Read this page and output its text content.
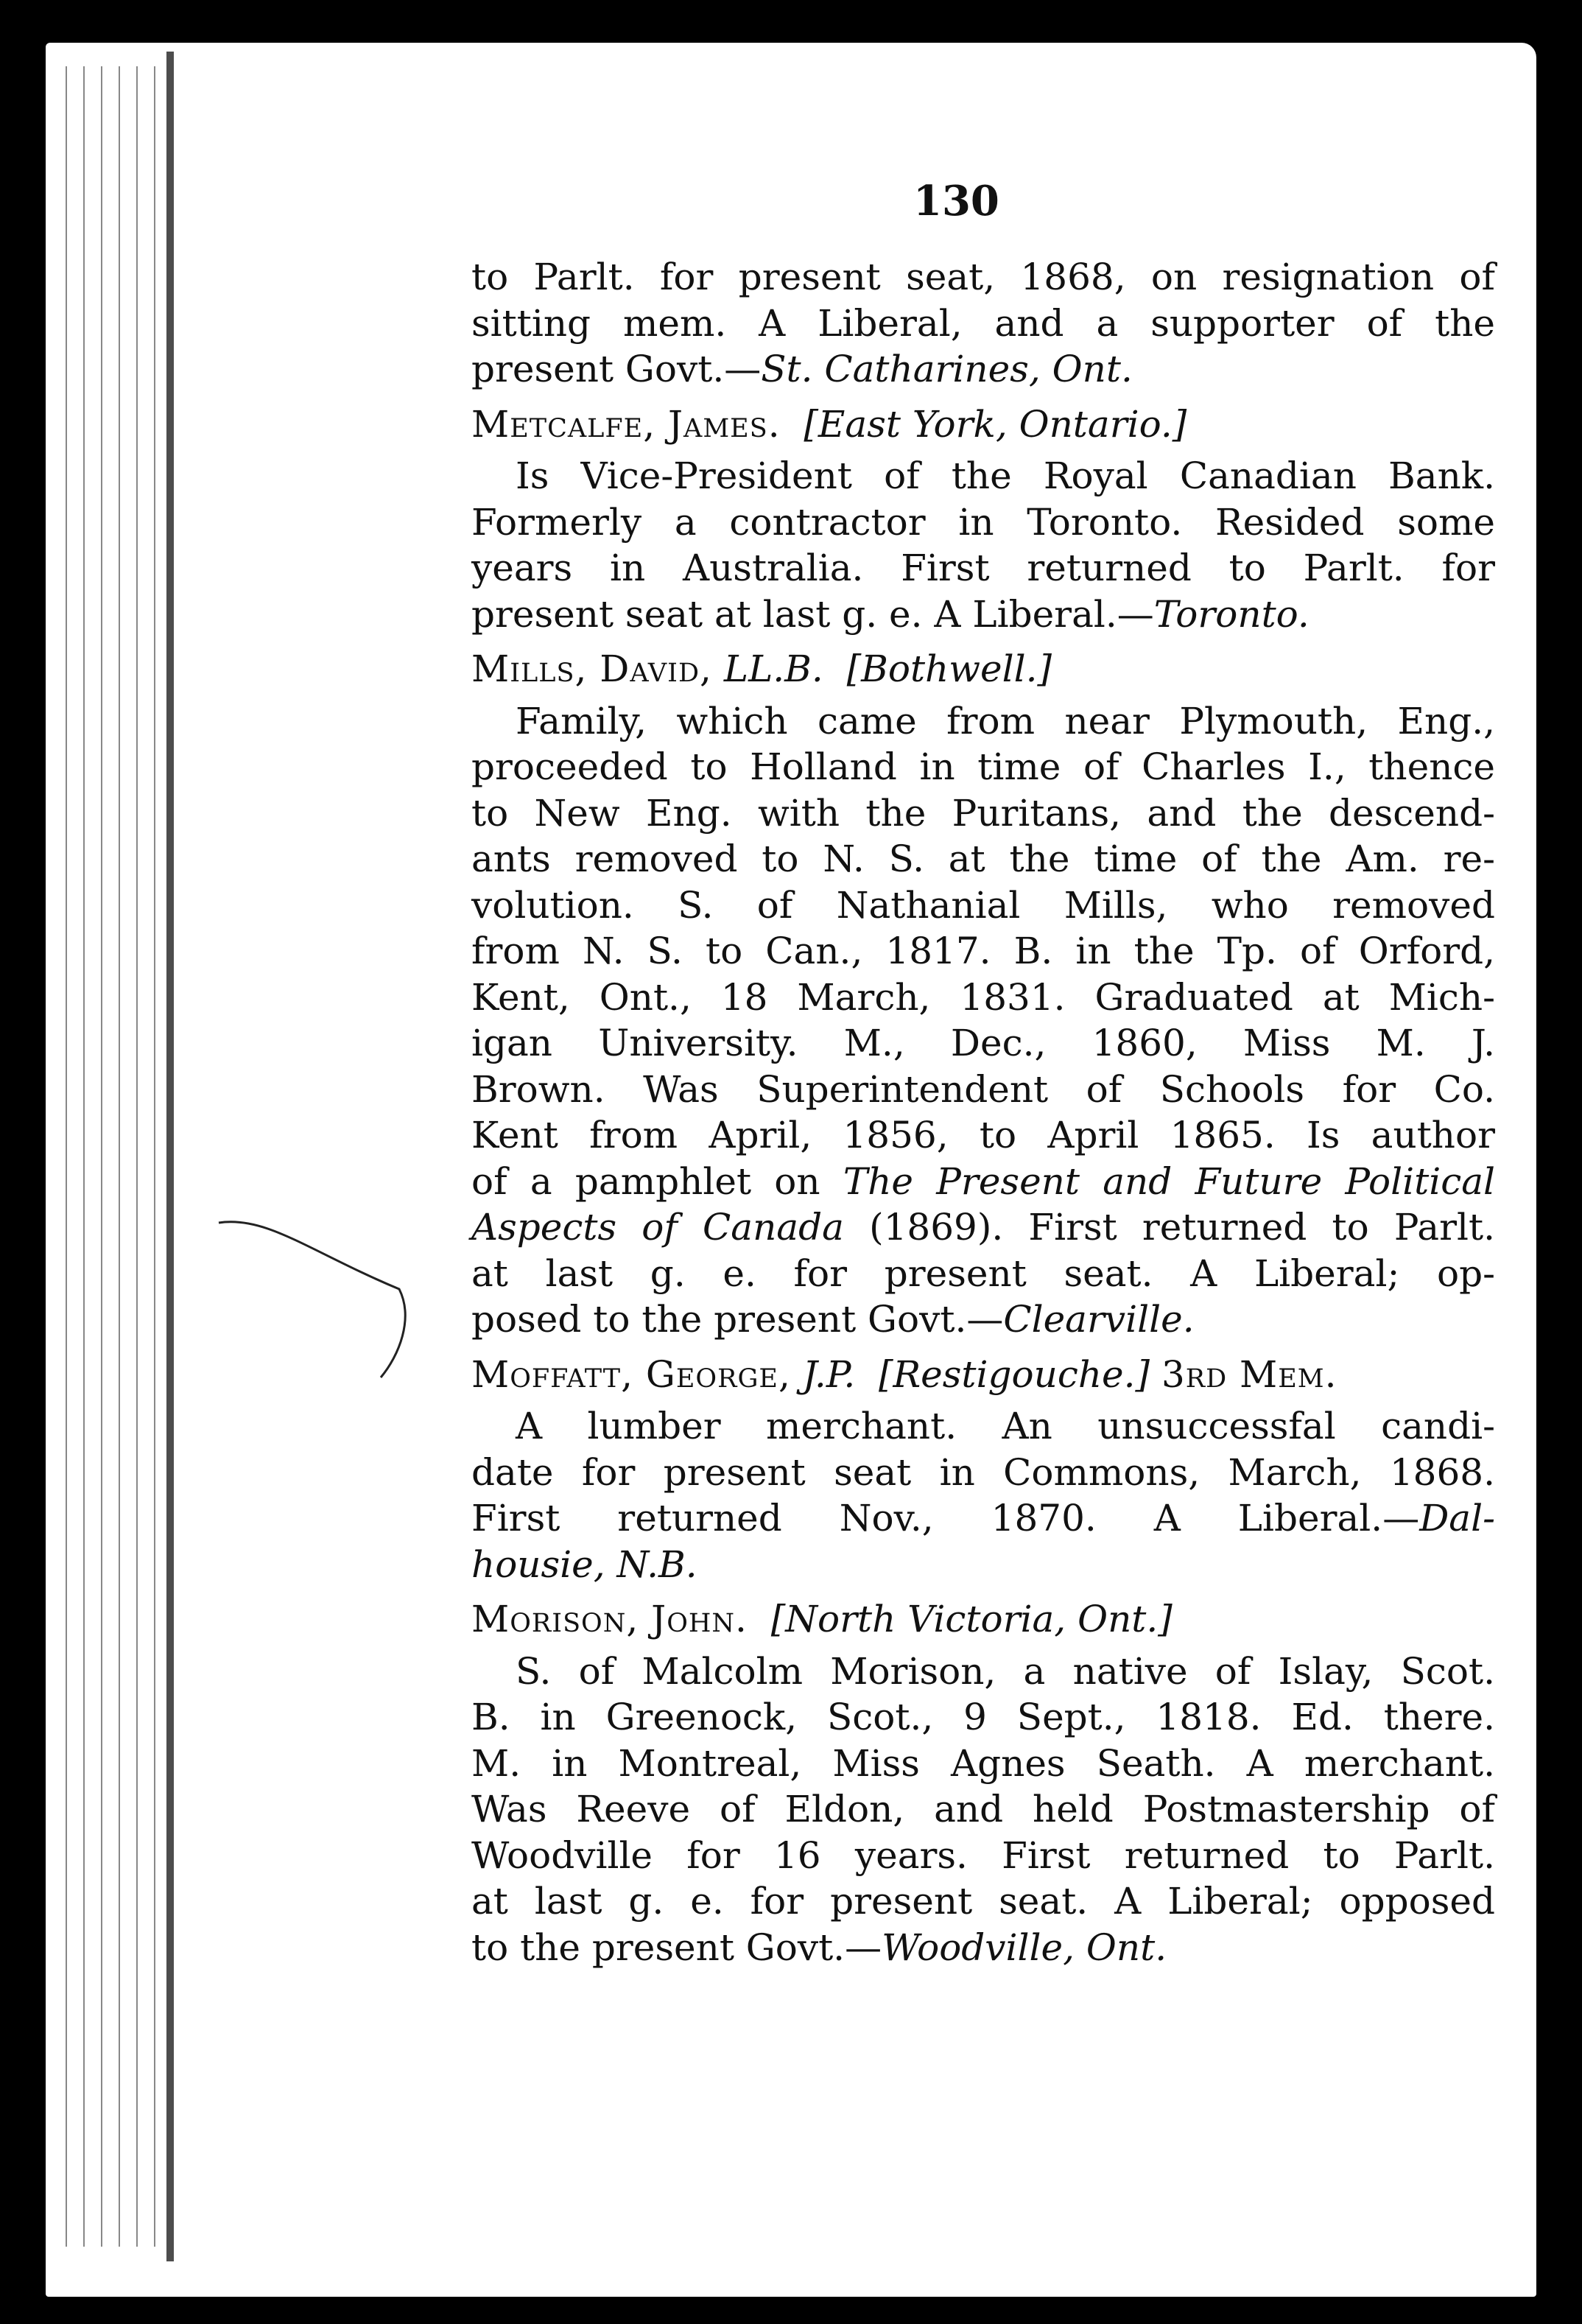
130
to Parlt. for present seat, 1868, on resignation of
sitting mem. A Liberal, and a supporter of the
present Govt.—St. Catharines, Ont.
Metcalfe, James. [East York, Ontario.]
Is Vice-President of the Royal Canadian Bank.
Formerly a contractor in Toronto. Resided some
years in Australia. First returned to Parlt. for
present seat at last g. e. A Liberal.—Toronto.
Mills, David, LL.B. [Bothwell.]
Family, which came from near Plymouth, Eng.,
proceeded to Holland in time of Charles I., thence
to New Eng. with the Puritans, and the descend-
ants removed to N. S. at the time of the Am. re-
volution. S. of Nathanial Mills, who removed
from N. S. to Can., 1817. B. in the Tp. of Orford,
Kent, Ont., 18 March, 1831. Graduated at Mich-
igan University. M., Dec., 1860, Miss M. J.
Brown. Was Superintendent of Schools for Co.
Kent from April, 1856, to April 1865. Is author
of a pamphlet on The Present and Future Political
Aspects of Canada (1869). First returned to Parlt.
at last g. e. for present seat. A Liberal; op-
posed to the present Govt.—Clearville.
Moffatt, George, J.P. [Restigouche.] 3rd Mem.
A lumber merchant. An unsuccessfal candi-
date for present seat in Commons, March, 1868.
First returned Nov., 1870. A Liberal.—Dal-
housie, N.B.
Morison, John. [North Victoria, Ont.]
S. of Malcolm Morison, a native of Islay, Scot.
B. in Greenock, Scot., 9 Sept., 1818. Ed. there.
M. in Montreal, Miss Agnes Seath. A merchant.
Was Reeve of Eldon, and held Postmastership of
Woodville for 16 years. First returned to Parlt.
at last g. e. for present seat. A Liberal; opposed
to the present Govt.—Woodville, Ont.
